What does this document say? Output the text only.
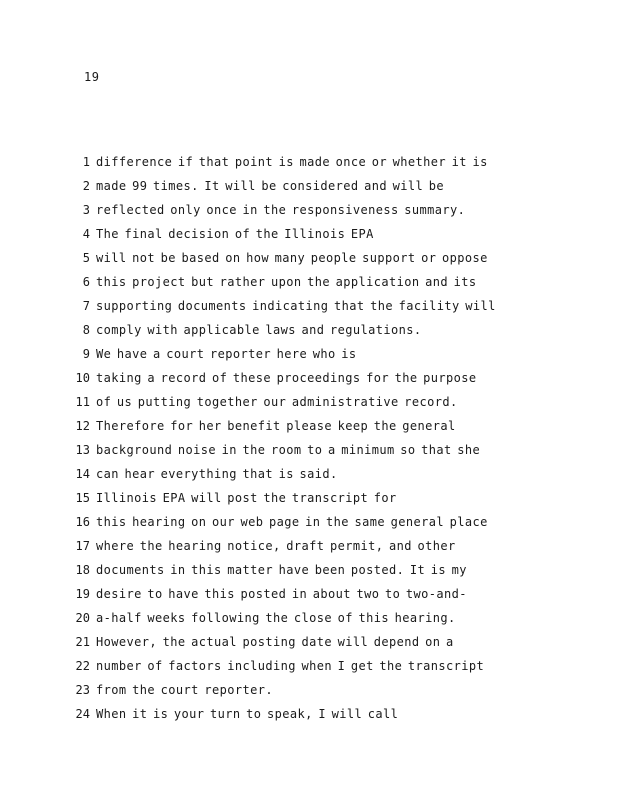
19
1 difference if that point is made once or whether it is
2 made 99 times. It will be considered and will be
3 reflected only once in the responsiveness summary.
4 The final decision of the Illinois EPA
5 will not be based on how many people support or oppose
6 this project but rather upon the application and its
7 supporting documents indicating that the facility will
8 comply with applicable laws and regulations.
9 We have a court reporter here who is
10 taking a record of these proceedings for the purpose
11 of us putting together our administrative record.
12 Therefore for her benefit please keep the general
13 background noise in the room to a minimum so that she
14 can hear everything that is said.
15 Illinois EPA will post the transcript for
16 this hearing on our web page in the same general place
17 where the hearing notice, draft permit, and other
18 documents in this matter have been posted. It is my
19 desire to have this posted in about two to two-and-
20 a-half weeks following the close of this hearing.
21 However, the actual posting date will depend on a
22 number of factors including when I get the transcript
23 from the court reporter.
24 When it is your turn to speak, I will call
